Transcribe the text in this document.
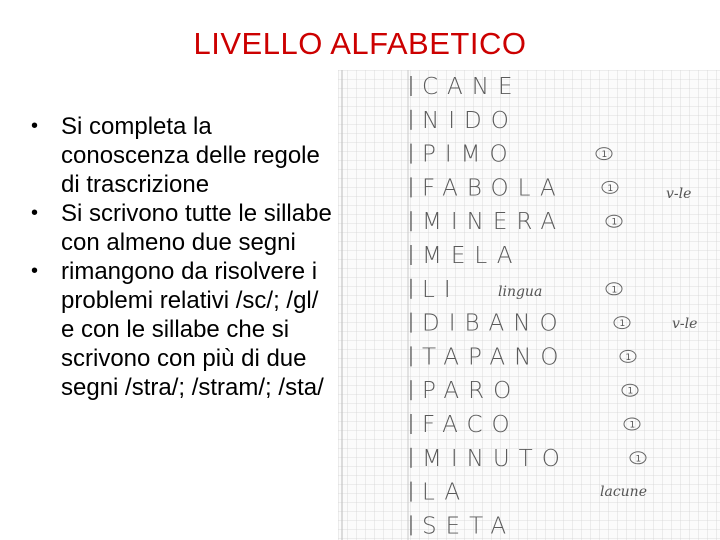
LIVELLO ALFABETICO
• Si completa la conoscenza delle regole di trascrizione
• Si scrivono tutte le sillabe con almeno due segni
• rimangono da risolvere i problemi relativi /sc/; /gl/ e con le sillabe che si scrivono con più di due segni /stra/; /stram/; /sta/
CANE
NIDO
PIMO
FABOLA
MINERA
MELA
LI
DIBANO
TAPANO
PARO
FACO
MINUTO
LA
SETA
1
1
1
1
1
1
1
1
1
linguа
v-le
v-le
lacune
